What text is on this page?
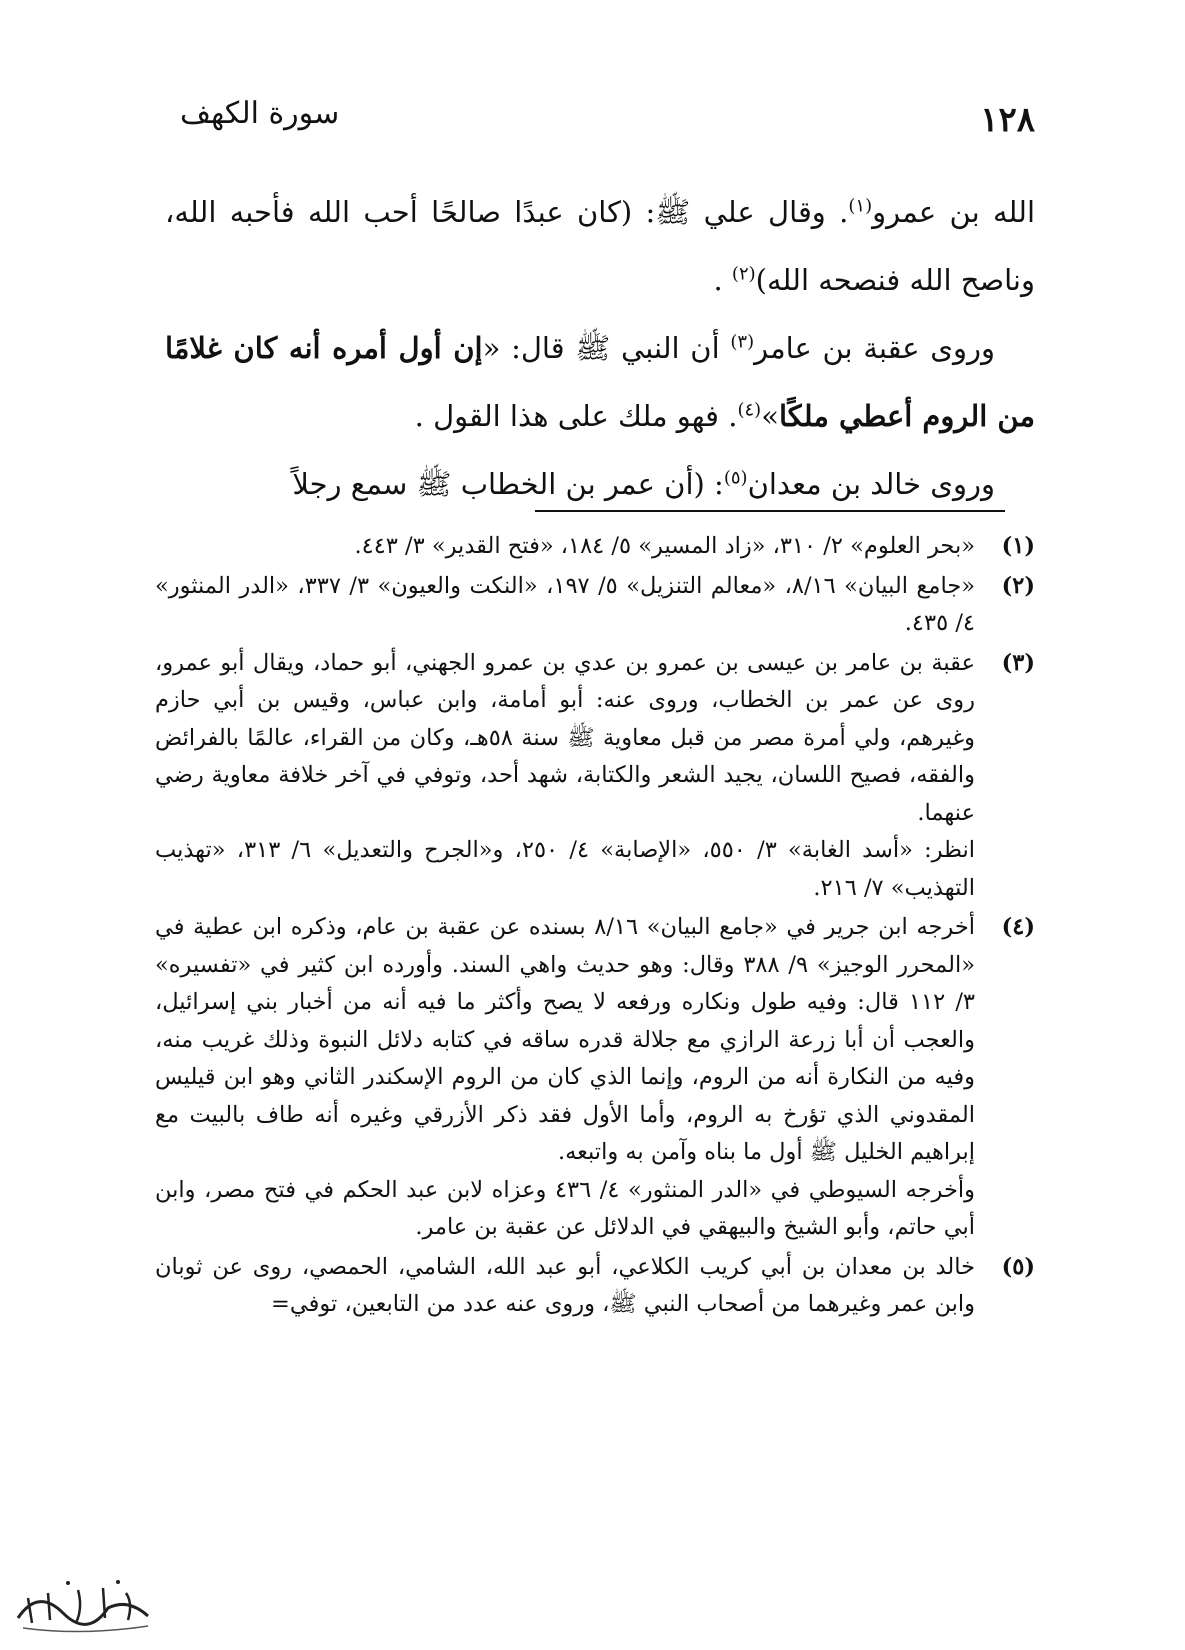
١٢٨
سورة الكهف

الله بن عمرو$^{(١)}$. وقال علي ﷺ: (كان عبدًا صالحًا أحب الله فأحبه الله، وناصح الله فنصحه الله)$^{(٢)}$ .

وروى عقبة بن عامر$^{(٣)}$ أن النبي ﷺ قال: «إن أول أمره أنه كان غلامًا من الروم أعطي ملكًا»$^{(٤)}$. فهو ملك على هذا القول .

وروى خالد بن معدان$^{(٥)}$: (أن عمر بن الخطاب ﷺ سمع رجلاً

(١)

«بحر العلوم» ٢/ ٣١٠، «زاد المسير» ٥/ ١٨٤، «فتح القدير» ٣/ ٤٤٣.

(٢)

«جامع البيان» ٨/١٦، «معالم التنزيل» ٥/ ١٩٧، «النكت والعيون» ٣/ ٣٣٧، «الدر المنثور» ٤/ ٤٣٥.

(٣)

عقبة بن عامر بن عيسى بن عمرو بن عدي بن عمرو الجهني، أبو حماد، ويقال أبو عمرو، روى عن عمر بن الخطاب، وروى عنه: أبو أمامة، وابن عباس، وقيس بن أبي حازم وغيرهم، ولي أمرة مصر من قبل معاوية ﷺ سنة ٥٨هـ، وكان من القراء، عالمًا بالفرائض والفقه، فصيح اللسان، يجيد الشعر والكتابة، شهد أحد، وتوفي في آخر خلافة معاوية رضي عنهما.

انظر: «أسد الغابة» ٣/ ٥٥٠، «الإصابة» ٤/ ٢٥٠، و«الجرح والتعديل» ٦/ ٣١٣، «تهذيب التهذيب» ٧/ ٢١٦.

(٤)

أخرجه ابن جرير في «جامع البيان» ٨/١٦ بسنده عن عقبة بن عام، وذكره ابن عطية في «المحرر الوجيز» ٩/ ٣٨٨ وقال: وهو حديث واهي السند. وأورده ابن كثير في «تفسيره» ٣/ ١١٢ قال: وفيه طول ونكاره ورفعه لا يصح وأكثر ما فيه أنه من أخبار بني إسرائيل، والعجب أن أبا زرعة الرازي مع جلالة قدره ساقه في كتابه دلائل النبوة وذلك غريب منه، وفيه من النكارة أنه من الروم، وإنما الذي كان من الروم الإسكندر الثاني وهو ابن قيليس المقدوني الذي تؤرخ به الروم، وأما الأول فقد ذكر الأزرقي وغيره أنه طاف بالبيت مع إبراهيم الخليل ﷺ أول ما بناه وآمن به واتبعه.

وأخرجه السيوطي في «الدر المنثور» ٤/ ٤٣٦ وعزاه لابن عبد الحكم في فتح مصر، وابن أبي حاتم، وأبو الشيخ والبيهقي في الدلائل عن عقبة بن عامر.

(٥)

خالد بن معدان بن أبي كريب الكلاعي، أبو عبد الله، الشامي، الحمصي، روى عن ثوبان وابن عمر وغيرهما من أصحاب النبي ﷺ، وروى عنه عدد من التابعين، توفي=
